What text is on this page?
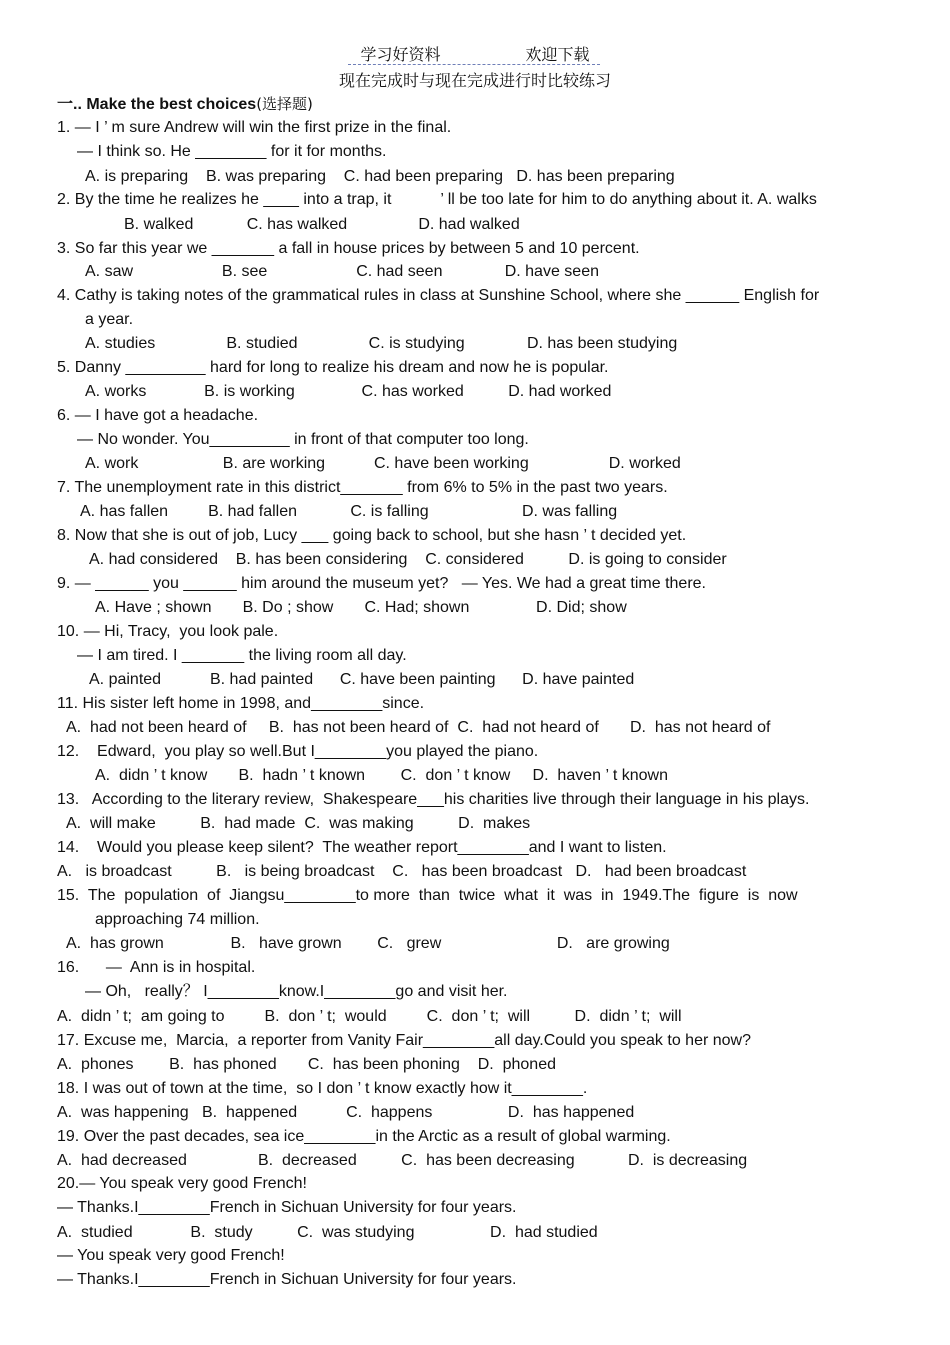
学习好资料	欢迎下载
现在完成时与现在完成进行时比较练习
一.. Make the best choices(选择题)
1. — I ’ m sure Andrew will win the first prize in the final.
— I think so. He ________ for it for months.
A. is preparing    B. was preparing    C. had been preparing   D. has been preparing
2. By the time he realizes he ____ into a trap, it           ’ ll be too late for him to do anything about it. A. walks
B. walked            C. has walked                D. had walked
3. So far this year we _______ a fall in house prices by between 5 and 10 percent.
A. saw                    B. see                    C. had seen              D. have seen
4. Cathy is taking notes of the grammatical rules in class at Sunshine School, where she ______ English for
a year.
A. studies                B. studied                C. is studying              D. has been studying
5. Danny _________ hard for long to realize his dream and now he is popular.
A. works             B. is working               C. has worked          D. had worked
6. — I have got a headache.
— No wonder. You_________ in front of that computer too long.
A. work                   B. are working           C. have been working                  D. worked
7. The unemployment rate in this district_______ from 6% to 5% in the past two years.
A. has fallen         B. had fallen            C. is falling                     D. was falling
8. Now that she is out of job, Lucy ___ going back to school, but she hasn ’ t decided yet.
A. had considered    B. has been considering    C. considered          D. is going to consider
9. — ______ you ______ him around the museum yet?   — Yes. We had a great time there.
A. Have ; shown       B. Do ; show       C. Had; shown               D. Did; show
10. — Hi, Tracy,  you look pale.
— I am tired. I _______ the living room all day.
A. painted           B. had painted      C. have been painting      D. have painted
11. His sister left home in 1998, and________since.
A.  had not been heard of     B.  has not been heard of  C.  had not heard of       D.  has not heard of
12.    Edward,  you play so well.But I________you played the piano.
A.  didn ’ t know       B.  hadn ’ t known        C.  don ’ t know     D.  haven ’ t known
13.   According to the literary review,  Shakespeare___his charities live through their language in his plays.
A.  will make          B.  had made  C.  was making          D.  makes
14.    Would you please keep silent?  The weather report________and I want to listen.
A.   is broadcast          B.   is being broadcast    C.   has been broadcast   D.   had been broadcast
15.  The  population  of  Jiangsu________to more  than  twice  what  it  was  in  1949.The  figure  is  now
approaching 74 million.
A.  has grown               B.   have grown        C.   grew                          D.   are growing
16.      —  Ann is in hospital.
— Oh,   really？ I________know.I________go and visit her.
A.  didn ’ t;  am going to         B.  don ’ t;  would         C.  don ’ t;  will          D.  didn ’ t;  will
17. Excuse me,  Marcia,  a reporter from Vanity Fair________all day.Could you speak to her now?
A.  phones        B.  has phoned       C.  has been phoning    D.  phoned
18. I was out of town at the time,  so I don ’ t know exactly how it________.
A.  was happening   B.  happened           C.  happens                 D.  has happened
19. Over the past decades, sea ice________in the Arctic as a result of global warming.
A.  had decreased                B.  decreased          C.  has been decreasing            D.  is decreasing
20.— You speak very good French!
— Thanks.I________French in Sichuan University for four years.
A.  studied             B.  study          C.  was studying                 D.  had studied
— You speak very good French!
— Thanks.I________French in Sichuan University for four years.
